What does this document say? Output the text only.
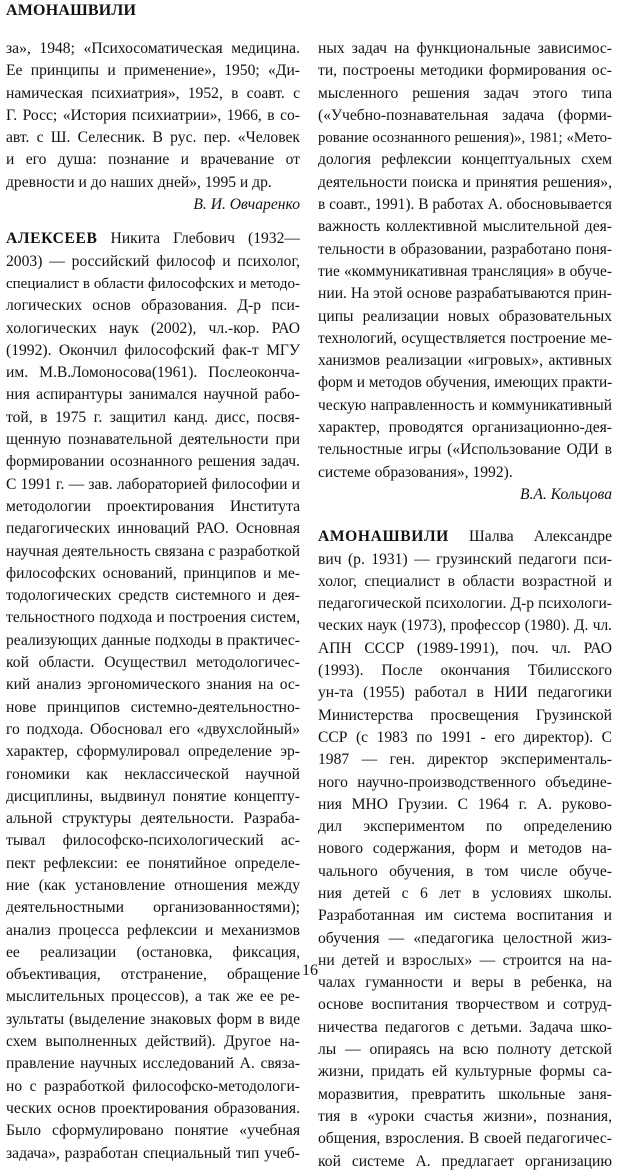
АМОНАШВИЛИ
за», 1948; «Психосоматическая медицина.
Ее принципы и применение», 1950; «Ди-
намическая психиатрия», 1952, в соавт. с
Г. Росс; «История психиатрии», 1966, в со-
авт. с Ш. Селесник. В рус. пер. «Человек
и его душа: познание и врачевание от
древности и до наших дней», 1995 и др.
В. И. Овчаренко
АЛЕКСЕЕВ Никита Глебович (1932—
2003) — российский философ и психолог,
специалист в области философских и методо-
логических основ образования. Д-р пси-
хологических наук (2002), чл.-кор. РАО
(1992). Окончил философский фак-т МГУ
им. М.В.Ломоносова(1961). Послеоконча-
ния аспирантуры занимался научной рабо-
той, в 1975 г. защитил канд. дисс, посвя-
щенную познавательной деятельности при
формировании осознанного решения задач.
С 1991 г. — зав. лабораторией философии и
методологии проектирования Института
педагогических инноваций РАО. Основная
научная деятельность связана с разработкой
философских оснований, принципов и ме-
тодологических средств системного и дея-
тельностного подхода и построения систем,
реализующих данные подходы в практичес-
кой области. Осуществил методологичес-
кий анализ эргономического знания на ос-
нове принципов системно-деятельностно-
го подхода. Обосновал его «двухслойный»
характер, сформулировал определение эр-
гономики как неклассической научной
дисциплины, выдвинул понятие концепту-
альной структуры деятельности. Разраба-
тывал философско-психологический ас-
пект рефлексии: ее понятийное определе-
ние (как установление отношения между
деятельностными организованностями);
анализ процесса рефлексии и механизмов
ее реализации (остановка, фиксация,
объективация, отстранение, обращение
мыслительных процессов), а так же ее ре-
зультаты (выделение знаковых форм в виде
схем выполненных действий). Другое на-
правление научных исследований А. связа-
но с разработкой философско-методологи-
ческих основ проектирования образования.
Было сформулировано понятие «учебная
задача», разработан специальный тип учеб-
ных задач на функциональные зависимос-
ти, построены методики формирования ос-
мысленного решения задач этого типа
(«Учебно-познавательная задача (форми-
рование осознанного решения)», 1981; «Мето-
дология рефлексии концептуальных схем
деятельности поиска и принятия решения»,
в соавт., 1991). В работах А. обосновывается
важность коллективной мыслительной дея-
тельности в образовании, разработано поня-
тие «коммуникативная трансляция» в обуче-
нии. На этой основе разрабатываются прин-
ципы реализации новых образовательных
технологий, осуществляется построение ме-
ханизмов реализации «игровых», активных
форм и методов обучения, имеющих практи-
ческую направленность и коммуникативный
характер, проводятся организационно-дея-
тельностные игры («Использование ОДИ в
системе образования», 1992).
В.А. Кольцова
АМОНАШВИЛИ Шалва Александре
вич (р. 1931) — грузинский педагоги пси-
холог, специалист в области возрастной и
педагогической психологии. Д-р психологи-
ческих наук (1973), профессор (1980). Д. чл.
АПН СССР (1989-1991), поч. чл. РАО
(1993). После окончания Тбилисского
ун-та (1955) работал в НИИ педагогики
Министерства просвещения Грузинской
ССР (с 1983 по 1991 - его директор). С
1987 — ген. директор эксперименталь-
ного научно-производственного объедине-
ния МНО Грузии. С 1964 г. А. руково-
дил экспериментом по определению
нового содержания, форм и методов на-
чального обучения, в том числе обуче-
ния детей с 6 лет в условиях школы.
Разработанная им система воспитания и
обучения — «педагогика целостной жиз-
ни детей и взрослых» — строится на на-
чалах гуманности и веры в ребенка, на
основе воспитания творчеством и сотруд-
ничества педагогов с детьми. Задача шко-
лы — опираясь на всю полноту детской
жизни, придать ей культурные формы са-
моразвития, превратить школьные заня-
тия в «уроки счастья жизни», познания,
общения, взросления. В своей педагогичес-
кой системе А. предлагает организацию
16
